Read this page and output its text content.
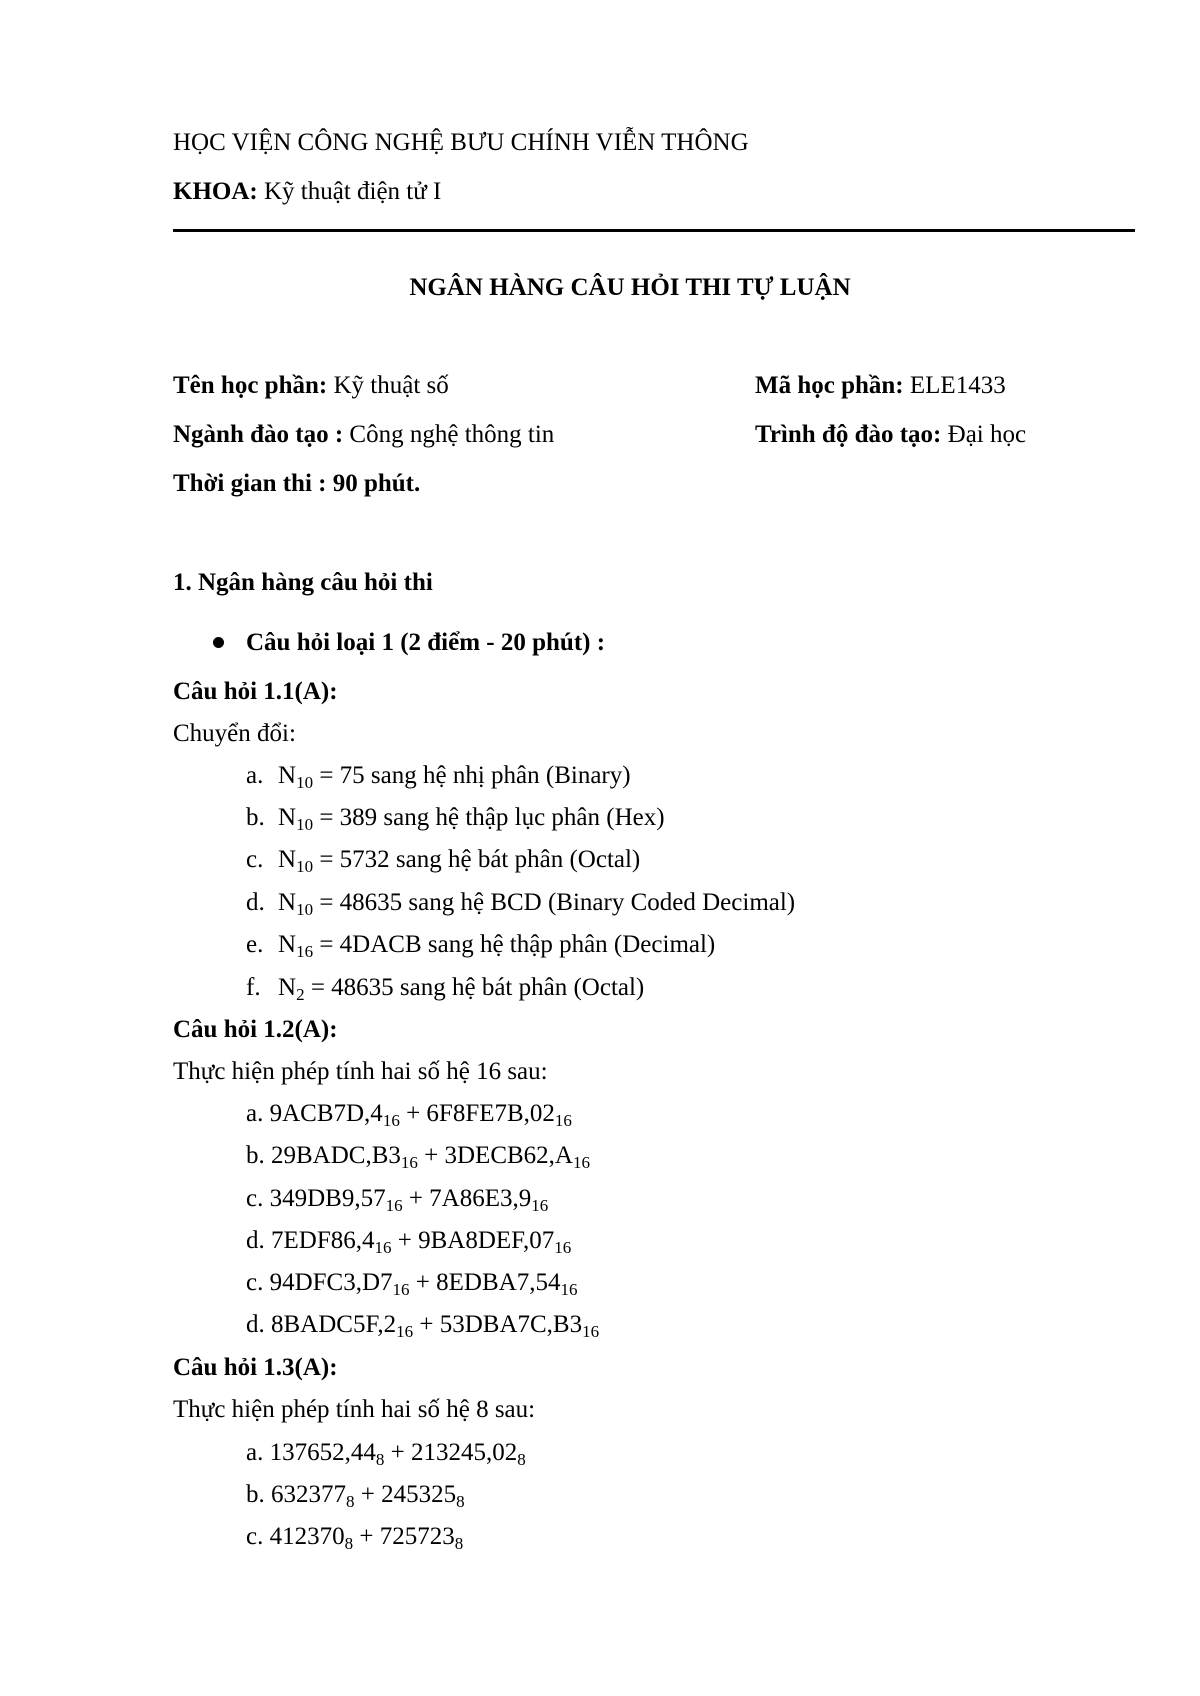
HỌC VIỆN CÔNG NGHỆ BƯU CHÍNH VIỄN THÔNG
KHOA: Kỹ thuật điện tử I
NGÂN HÀNG CÂU HỎI THI TỰ LUẬN
Tên học phần: Kỹ thuật số	Mã học phần: ELE1433
Ngành đào tạo : Công nghệ thông tin	Trình độ đào tạo: Đại học
Thời gian thi : 90 phút.
1. Ngân hàng câu hỏi thi
Câu hỏi loại 1 (2 điểm - 20 phút) :
Câu hỏi 1.1(A):
Chuyển đổi:
a. $N_{10} = 75$ sang hệ nhị phân (Binary)
b. $N_{10} = 389$ sang hệ thập lục phân (Hex)
c. $N_{10} = 5732$ sang hệ bát phân (Octal)
d. $N_{10} = 48635$ sang hệ BCD (Binary Coded Decimal)
e. $N_{16}$ = 4DACB sang hệ thập phân (Decimal)
f. $N_2 = 48635$ sang hệ bát phân (Octal)
Câu hỏi 1.2(A):
Thực hiện phép tính hai số hệ 16 sau:
a. $9ACB7D,4_{16} + 6F8FE7B,02_{16}$
b. $29BADC,B3_{16}$ + $3DECB62,A_{16}$
c. $349DB9,57_{16} + 7A86E3,9_{16}$
d. $7EDF86,4_{16} + 9BA8DEF,07_{16}$
c. $94DFC3,D7_{16}$ + $8EDBA7,54_{16}$
d. $8BADC5F,2_{16} + 53DBA7C,B3_{16}$
Câu hỏi 1.3(A):
Thực hiện phép tính hai số hệ 8 sau:
a. $137652,44_8 + 213245,02_8$
b. $632377_8 + 245325_8$
c. $412370_8 + 725723_8$
